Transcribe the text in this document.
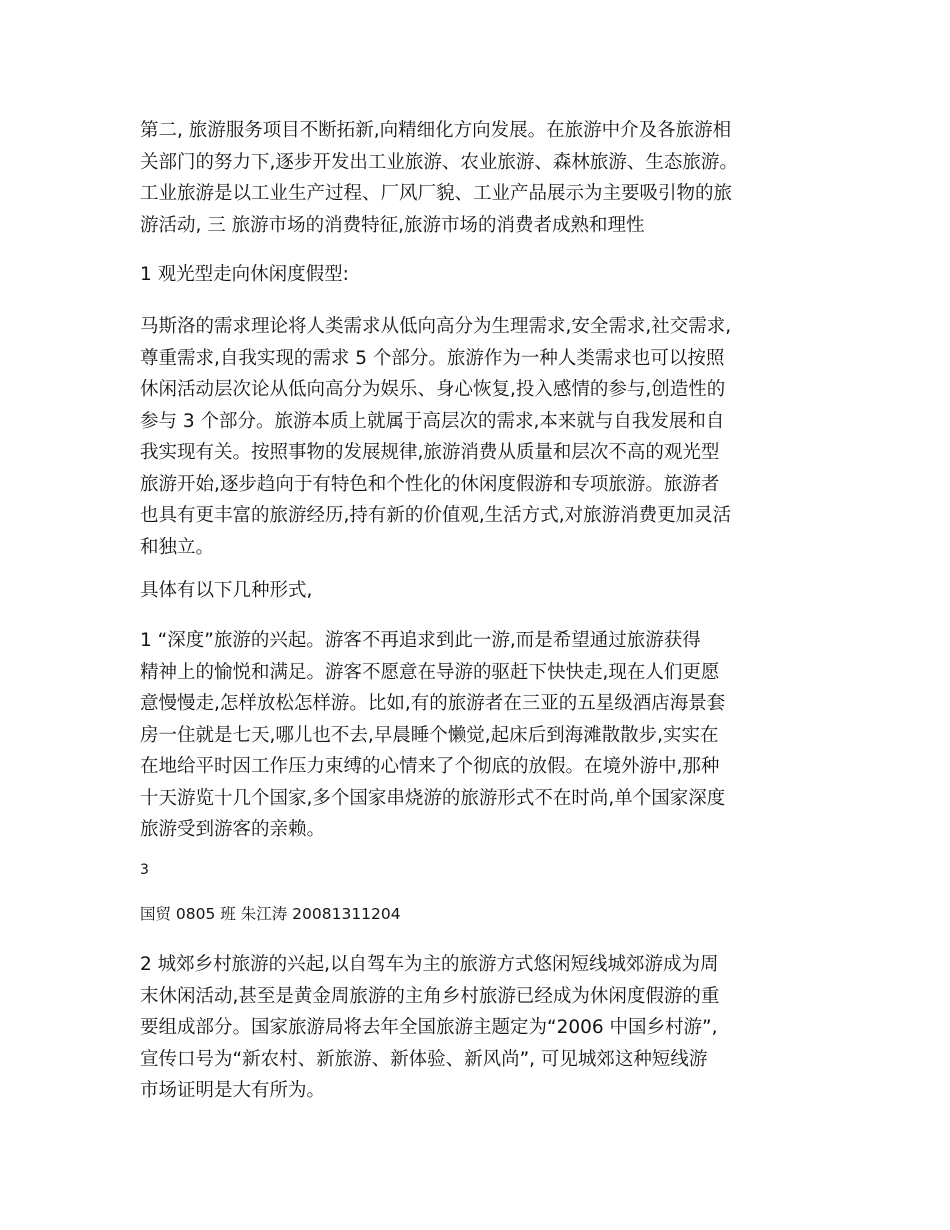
第二, 旅游服务项目不断拓新,向精细化方向发展。在旅游中介及各旅游相
关部门的努力下,逐步开发出工业旅游、农业旅游、森林旅游、生态旅游。
工业旅游是以工业生产过程、厂风厂貌、工业产品展示为主要吸引物的旅
游活动, 三 旅游市场的消费特征,旅游市场的消费者成熟和理性

1 观光型走向休闲度假型:

马斯洛的需求理论将人类需求从低向高分为生理需求,安全需求,社交需求,
尊重需求,自我实现的需求 5 个部分。旅游作为一种人类需求也可以按照
休闲活动层次论从低向高分为娱乐、身心恢复,投入感情的参与,创造性的
参与 3 个部分。旅游本质上就属于高层次的需求,本来就与自我发展和自
我实现有关。按照事物的发展规律,旅游消费从质量和层次不高的观光型
旅游开始,逐步趋向于有特色和个性化的休闲度假游和专项旅游。旅游者
也具有更丰富的旅游经历,持有新的价值观,生活方式,对旅游消费更加灵活
和独立。

具体有以下几种形式,

1 “深度”旅游的兴起。游客不再追求到此一游,而是希望通过旅游获得
精神上的愉悦和满足。游客不愿意在导游的驱赶下快快走,现在人们更愿
意慢慢走,怎样放松怎样游。比如,有的旅游者在三亚的五星级酒店海景套
房一住就是七天,哪儿也不去,早晨睡个懒觉,起床后到海滩散散步,实实在
在地给平时因工作压力束缚的心情来了个彻底的放假。在境外游中,那种
十天游览十几个国家,多个国家串烧游的旅游形式不在时尚,单个国家深度
旅游受到游客的亲赖。

3

国贸 0805 班 朱江涛 20081311204

2 城郊乡村旅游的兴起,以自驾车为主的旅游方式悠闲短线城郊游成为周
末休闲活动,甚至是黄金周旅游的主角乡村旅游已经成为休闲度假游的重
要组成部分。国家旅游局将去年全国旅游主题定为“2006 中国乡村游”,
宣传口号为“新农村、新旅游、新体验、新风尚”, 可见城郊这种短线游
市场证明是大有所为。
